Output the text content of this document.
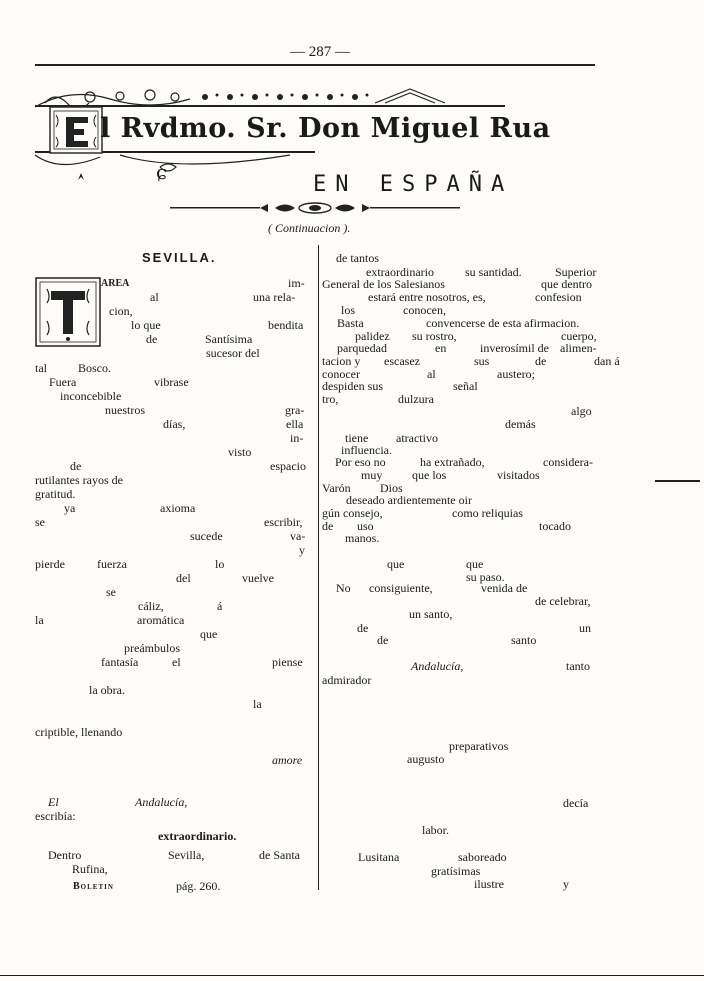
— 287 —
l Rvdmo. Sr. Don Miguel Rua
ɕ	EN ESPAÑA
( Continuacion ).
SEVILLA.
AREA	im-
al	una rela-
cion,
lo que	bendita
de	Santísima
sucesor del
tal	Bosco.
Fuera	vibrase
inconcebible
nuestros	gra-
días,	ella
in-
visto
de	espacio
rutilantes rayos de
gratitud.
ya	axioma
se	escribir,
sucede	va-
y
pierde	fuerza	lo
del	vuelve
se
cáliz,	á
la	aromática
que
preámbulos
fantasía	el	piense
la obra.
la
criptible, llenando
amore
El	Andalucía,
escribía:
extraordinario.
Dentro	Sevilla,	de Santa
Rufina,
Boletin	pág. 260.
de tantos
extraordinario	su santidad.	Superior
General de los Salesianos	que dentro
estará entre nosotros, es,	confesion
los	conocen,
Basta	convencerse de esta afirmacion.
palidez su rostro,	cuerpo,
parquedad	en	inverosímil de alimen-
tacion y escasez	sus	de	dan á
conocer	al	austero;
despiden sus	señal
tro,	dulzura
algo
demás
tiene atractivo
influencia.
Por eso no	ha extrañado,	considera-
muy que los	visitados
Varón Dios
deseado ardientemente oir
gún consejo,	como reliquias
de uso	tocado
manos.
que	que
su paso.
No consiguiente,	venida de
de celebrar,
un santo,
de	un
de	santo
Andalucía,	tanto
admirador
preparativos
augusto
decía
labor.
Lusitana	saboreado
gratísimas
ilustre	y
